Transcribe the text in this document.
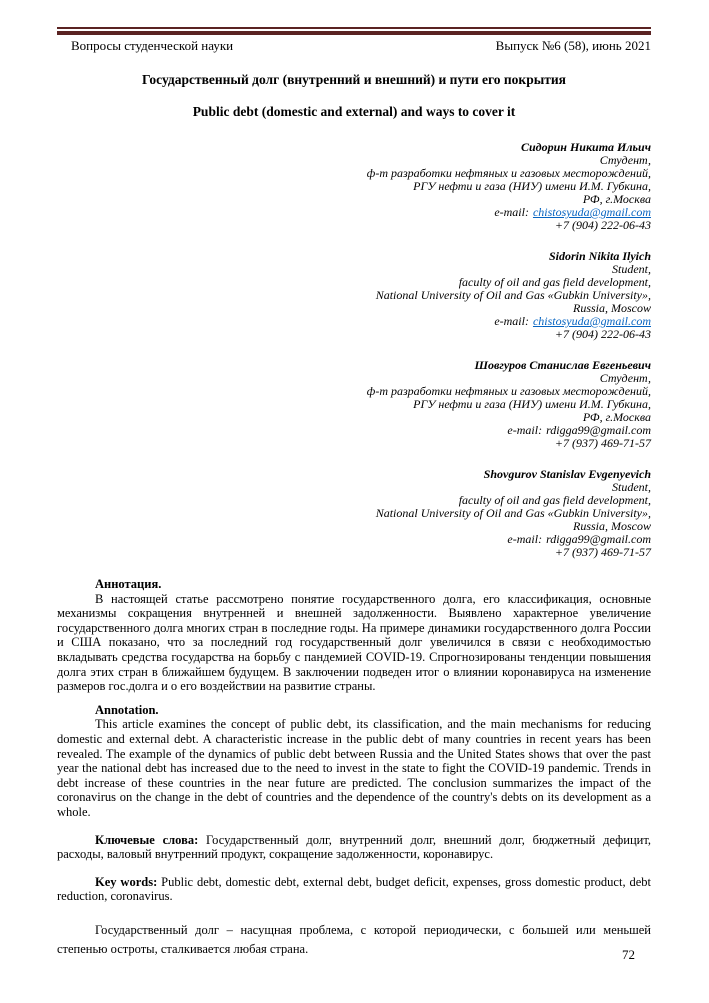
Вопросы студенческой науки	Выпуск №6 (58), июнь 2021
Государственный долг (внутренний и внешний) и пути его покрытия
Public debt (domestic and external) and ways to cover it
Сидорин Никита Ильич
Студент,
ф-т разработки нефтяных и газовых месторождений,
РГУ нефти и газа (НИУ) имени И.М. Губкина,
РФ, г.Москва
e-mail: chistosyuda@gmail.com
+7 (904) 222-06-43
Sidorin Nikita Ilyich
Student,
faculty of oil and gas field development,
National University of Oil and Gas «Gubkin University»,
Russia, Moscow
e-mail: chistosyuda@gmail.com
+7 (904) 222-06-43
Шовгуров Станислав Евгеньевич
Студент,
ф-т разработки нефтяных и газовых месторождений,
РГУ нефти и газа (НИУ) имени И.М. Губкина,
РФ, г.Москва
e-mail: rdigga99@gmail.com
+7 (937) 469-71-57
Shovgurov Stanislav Evgenyevich
Student,
faculty of oil and gas field development,
National University of Oil and Gas «Gubkin University»,
Russia, Moscow
e-mail: rdigga99@gmail.com
+7 (937) 469-71-57

Аннотация.

В настоящей статье рассмотрено понятие государственного долга, его классификация, основные механизмы сокращения внутренней и внешней задолженности. Выявлено характерное увеличение государственного долга многих стран в последние годы. На примере динамики государственного долга России и США показано, что за последний год государственный долг увеличился в связи с необходимостью вкладывать средства государства на борьбу с пандемией COVID-19. Спрогнозированы тенденции повышения долга этих стран в ближайшем будущем. В заключении подведен итог о влиянии коронавируса на изменение размеров гос.долга и о его воздействии на развитие страны.

Annotation.

This article examines the concept of public debt, its classification, and the main mechanisms for reducing domestic and external debt. A characteristic increase in the public debt of many countries in recent years has been revealed. The example of the dynamics of public debt between Russia and the United States shows that over the past year the national debt has increased due to the need to invest in the state to fight the COVID-19 pandemic. Trends in debt increase of these countries in the near future are predicted. The conclusion summarizes the impact of the coronavirus on the change in the debt of countries and the dependence of the country's debts on its development as a whole.

Ключевые слова: Государственный долг, внутренний долг, внешний долг, бюджетный дефицит, расходы, валовый внутренний продукт, сокращение задолженности, коронавирус.

Key words: Public debt, domestic debt, external debt, budget deficit, expenses, gross domestic product, debt reduction, coronavirus.

Государственный долг – насущная проблема, с которой периодически, с большей или меньшей степенью остроты, сталкивается любая страна.	72
